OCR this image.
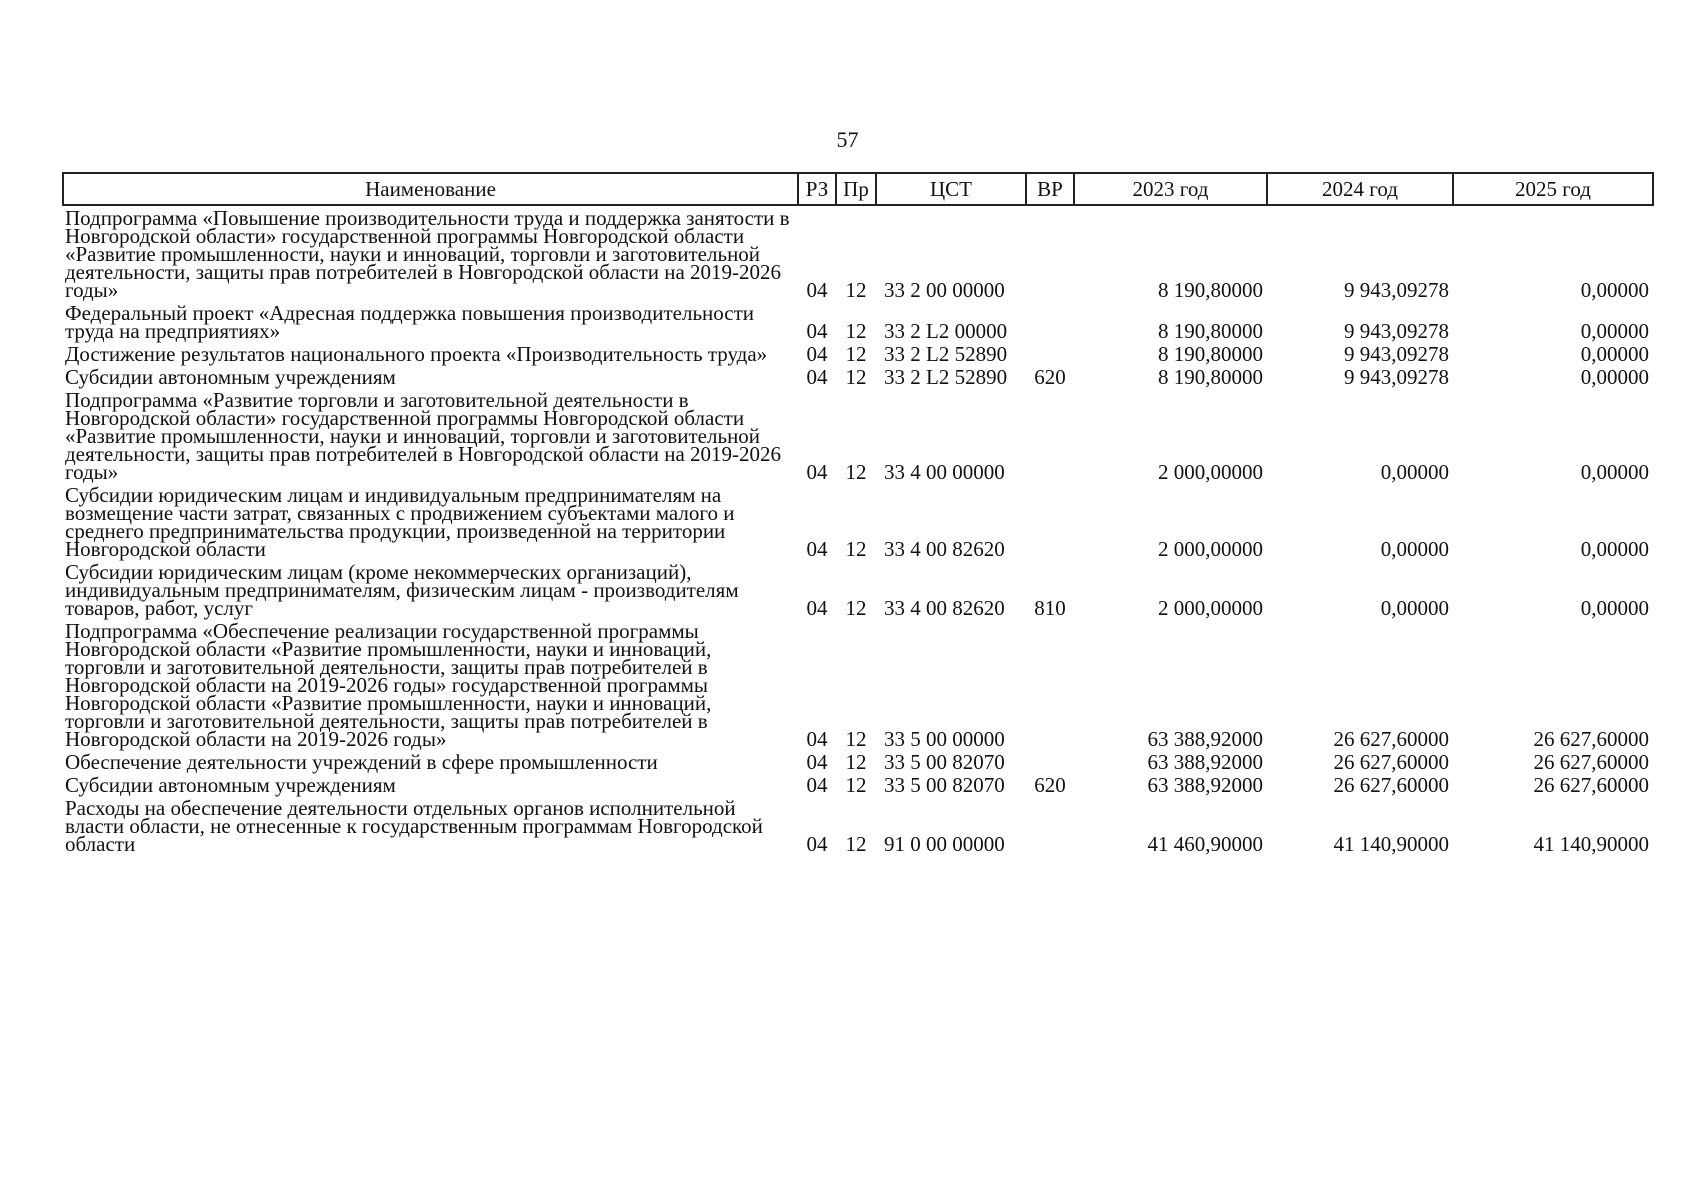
57
Наименование	РЗ	Пр	ЦСТ	ВР	2023 год	2024 год	2025 год
Подпрограмма «Повышение производительности труда и поддержка занятости в Новгородской области» государственной программы Новгородской области «Развитие промышленности, науки и инноваций, торговли и заготовительной деятельности, защиты прав потребителей в Новгородской области на 2019-2026 годы»	04	12	33 2 00 00000		8 190,80000	9 943,09278	0,00000
Федеральный проект «Адресная поддержка повышения производительности труда на предприятиях»	04	12	33 2 L2 00000		8 190,80000	9 943,09278	0,00000
Достижение результатов национального проекта «Производительность труда»	04	12	33 2 L2 52890		8 190,80000	9 943,09278	0,00000
Субсидии автономным учреждениям	04	12	33 2 L2 52890	620	8 190,80000	9 943,09278	0,00000
Подпрограмма «Развитие торговли и заготовительной деятельности в Новгородской области» государственной программы Новгородской области «Развитие промышленности, науки и инноваций, торговли и заготовительной деятельности, защиты прав потребителей в Новгородской области на 2019-2026 годы»	04	12	33 4 00 00000		2 000,00000	0,00000	0,00000
Субсидии юридическим лицам и индивидуальным предпринимателям на возмещение части затрат, связанных с продвижением субъектами малого и среднего предпринимательства продукции, произведенной на территории Новгородской области	04	12	33 4 00 82620		2 000,00000	0,00000	0,00000
Субсидии юридическим лицам (кроме некоммерческих организаций), индивидуальным предпринимателям, физическим лицам - производителям товаров, работ, услуг	04	12	33 4 00 82620	810	2 000,00000	0,00000	0,00000
Подпрограмма «Обеспечение реализации государственной программы Новгородской области «Развитие промышленности, науки и инноваций, торговли и заготовительной деятельности, защиты прав потребителей в Новгородской области на 2019-2026 годы» государственной программы Новгородской области «Развитие промышленности, науки и инноваций, торговли и заготовительной деятельности, защиты прав потребителей в Новгородской области на 2019-2026 годы»	04	12	33 5 00 00000		63 388,92000	26 627,60000	26 627,60000
Обеспечение деятельности учреждений в сфере промышленности	04	12	33 5 00 82070		63 388,92000	26 627,60000	26 627,60000
Субсидии автономным учреждениям	04	12	33 5 00 82070	620	63 388,92000	26 627,60000	26 627,60000
Расходы на обеспечение деятельности отдельных органов исполнительной власти области, не отнесенные к государственным программам Новгородской области	04	12	91 0 00 00000		41 460,90000	41 140,90000	41 140,90000
